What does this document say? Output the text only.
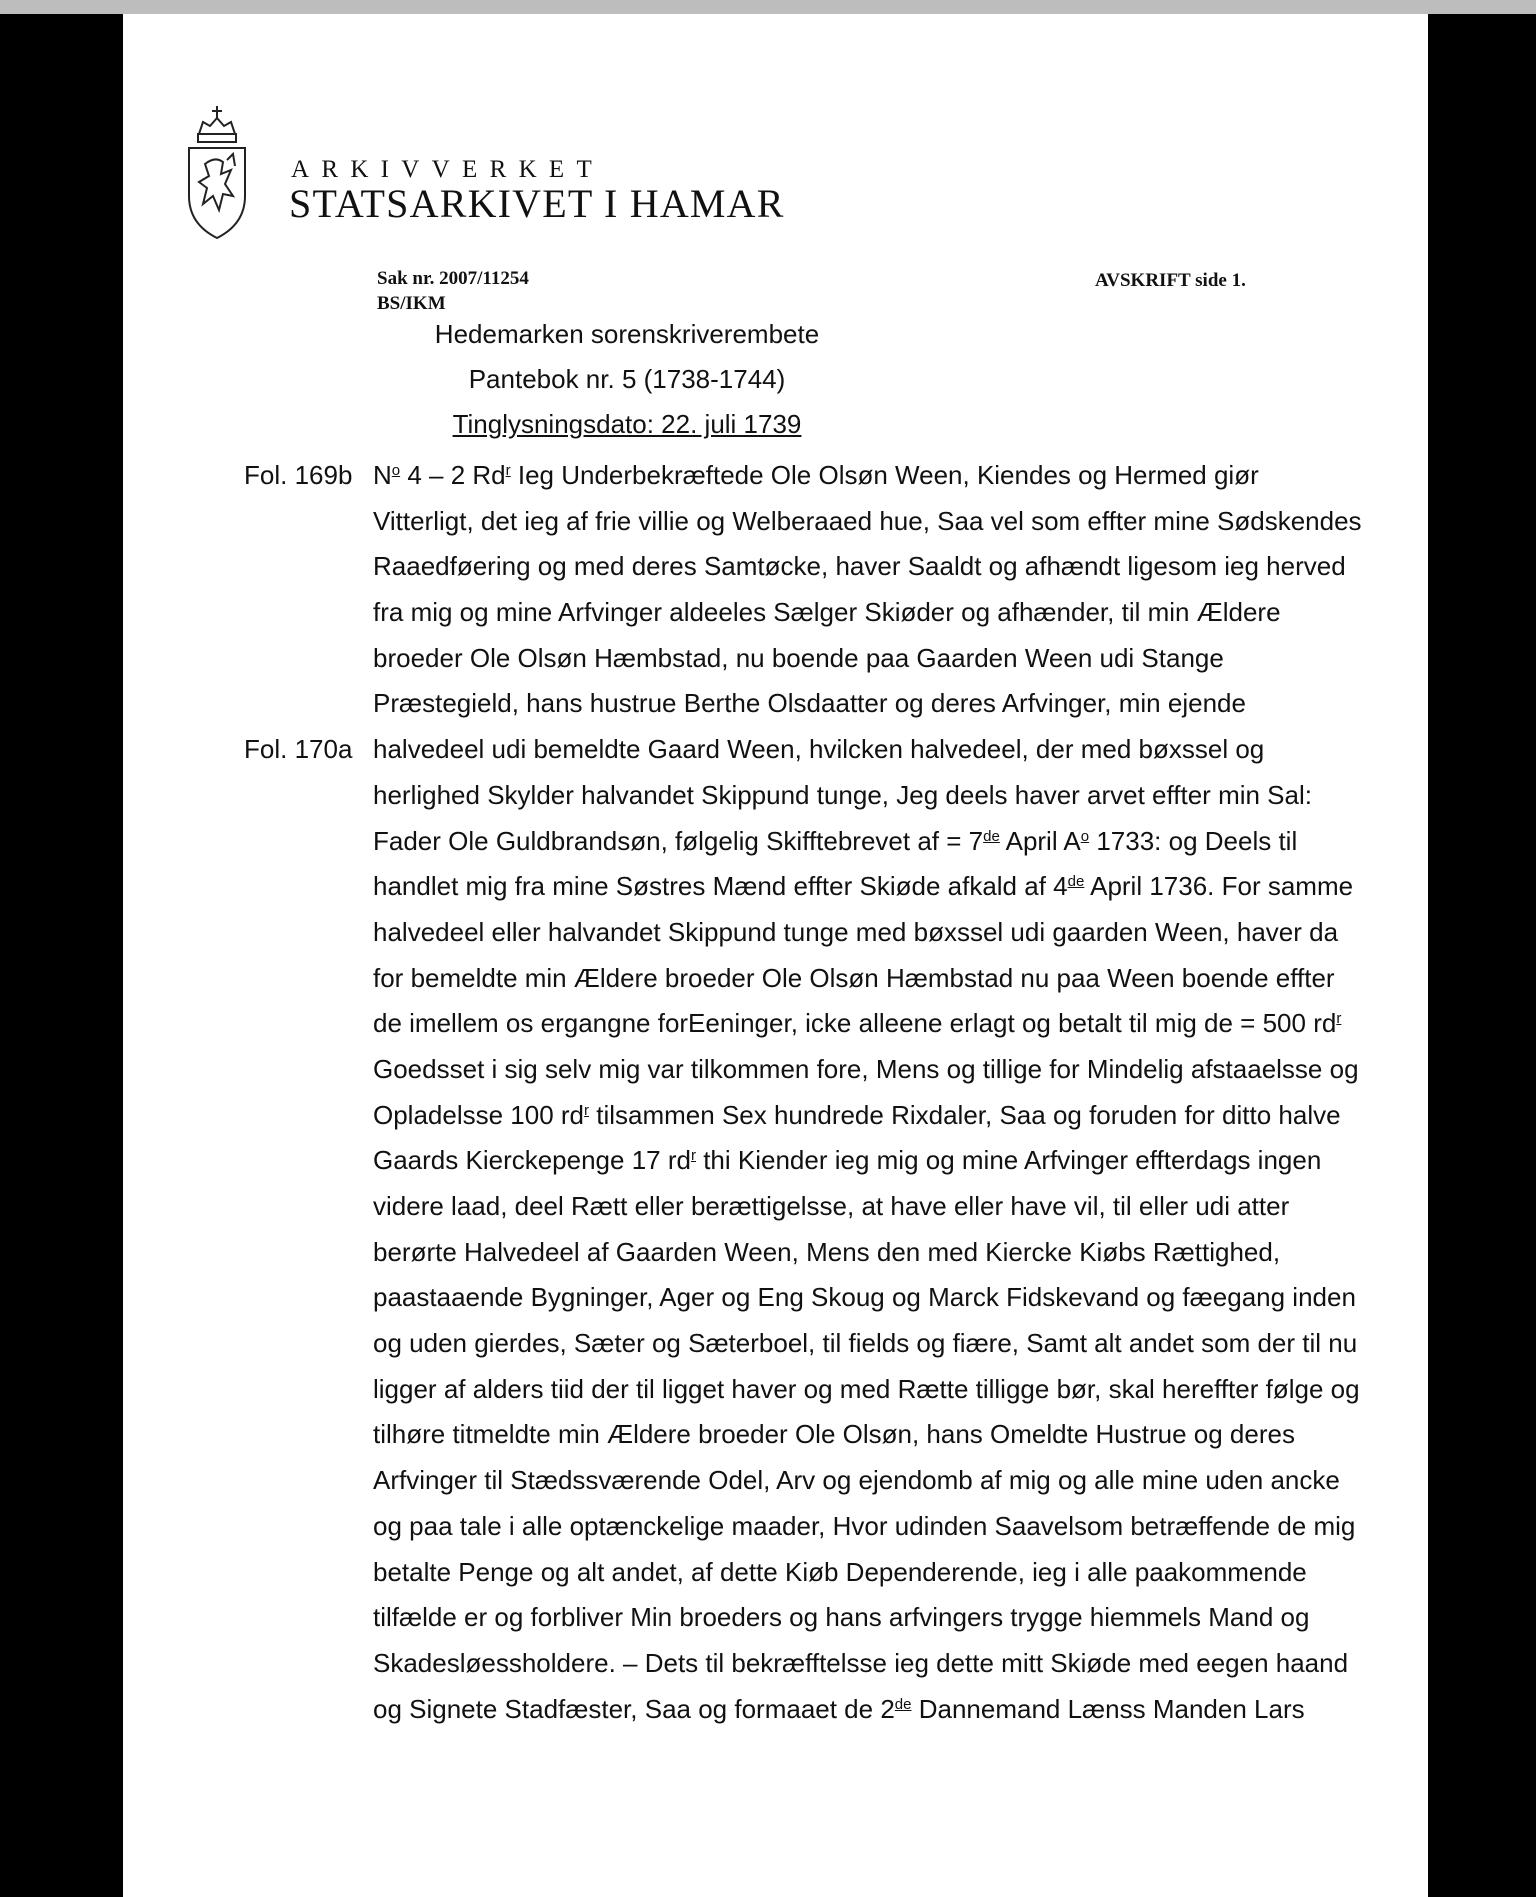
ARKIVVERKET
STATSARKIVET I HAMAR
Sak nr. 2007/11254
BS/IKM
AVSKRIFT side 1.
Hedemarken sorenskriverembete
Pantebok nr. 5 (1738-1744)
Tinglysningsdato: 22. juli 1739
Fol. 169b
Fol. 170a
$N^o$ 4 – 2 Rd$^r$ Ieg Underbekræftede Ole Olsøn Ween, Kiendes og Hermed giør
Vitterligt, det ieg af frie villie og Welberaaed hue, Saa vel som effter mine Sødskendes
Raaedføering og med deres Samtøcke, haver Saaldt og afhændt ligesom ieg herved
fra mig og mine Arfvinger aldeeles Sælger Skiøder og afhænder, til min Ældere
broeder Ole Olsøn Hæmbstad, nu boende paa Gaarden Ween udi Stange
Præstegield, hans hustrue Berthe Olsdaatter og deres Arfvinger, min ejende
halvedeel udi bemeldte Gaard Ween, hvilcken halvedeel, der med bøxssel og
herlighed Skylder halvandet Skippund tunge, Jeg deels haver arvet effter min Sal:
Fader Ole Guldbrandsøn, følgelig Skifftebrevet af = 7de April $A^o$ 1733: og Deels til
handlet mig fra mine Søstres Mænd effter Skiøde afkald af 4de April 1736. For samme
halvedeel eller halvandet Skippund tunge med bøxssel udi gaarden Ween, haver da
for bemeldte min Ældere broeder Ole Olsøn Hæmbstad nu paa Ween boende effter
de imellem os ergangne forEeninger, icke alleene erlagt og betalt til mig de = 500 $rd^r$
Goedsset i sig selv mig var tilkommen fore, Mens og tillige for Mindelig afstaaelsse og
Opladelsse 100 $rd^r$ tilsammen Sex hundrede Rixdaler, Saa og foruden for ditto halve
Gaards Kierckepenge 17 $rd^r$ thi Kiender ieg mig og mine Arfvinger effterdags ingen
videre laad, deel Rætt eller berættigelsse, at have eller have vil, til eller udi atter
berørte Halvedeel af Gaarden Ween, Mens den med Kiercke Kiøbs Rættighed,
paastaaende Bygninger, Ager og Eng Skoug og Marck Fidskevand og fæegang inden
og uden gierdes, Sæter og Sæterboel, til fields og fiære, Samt alt andet som der til nu
ligger af alders tiid der til ligget haver og med Rætte tilligge bør, skal hereffter følge og
tilhøre titmeldte min Ældere broeder Ole Olsøn, hans Omeldte Hustrue og deres
Arfvinger til Stædssværende Odel, Arv og ejendomb af mig og alle mine uden ancke
og paa tale i alle optænckelige maader, Hvor udinden Saavelsom betræffende de mig
betalte Penge og alt andet, af dette Kiøb Dependerende, ieg i alle paakommende
tilfælde er og forbliver Min broeders og hans arfvingers trygge hiemmels Mand og
Skadesløessholdere. – Dets til bekræfftelsse ieg dette mitt Skiøde med eegen haand
og Signete Stadfæster, Saa og formaaet de 2de Dannemand Lænss Manden Lars
